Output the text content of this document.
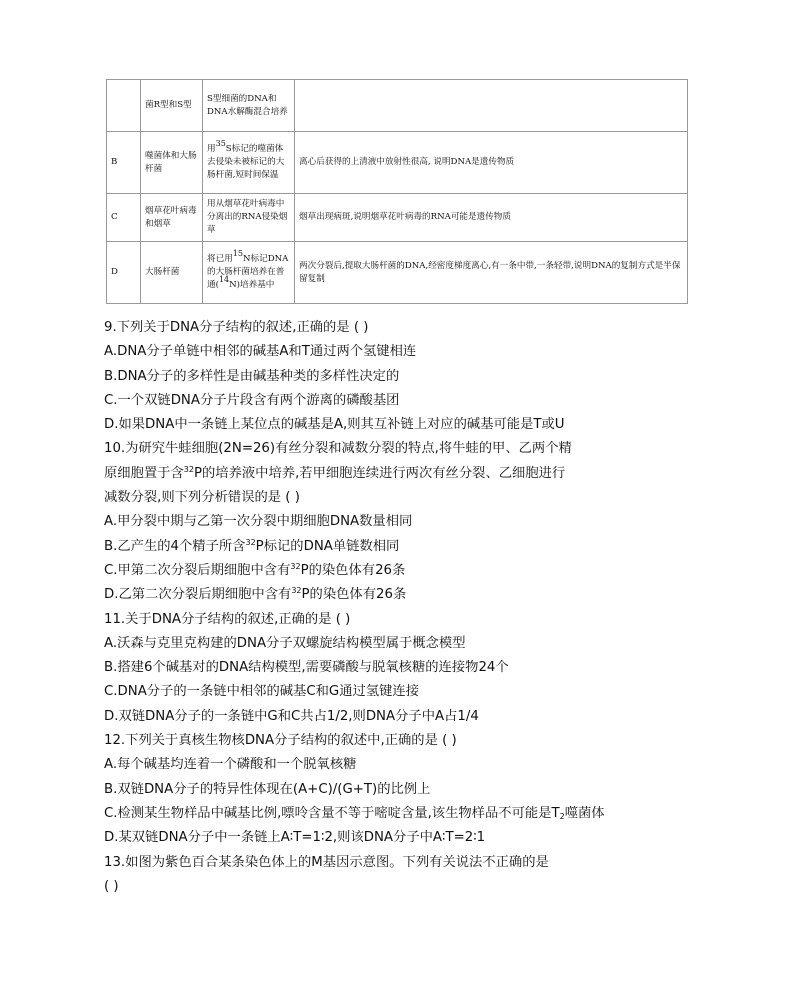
	菌R型和S型	S型细菌的DNA和DNA水解酶混合培养	
B	噬菌体和大肠杆菌	用$^{35}$S标记的噬菌体去侵染未被标记的大肠杆菌,短时间保温	离心后获得的上清液中放射性很高, 说明DNA是遗传物质
C	烟草花叶病毒和烟草	用从烟草花叶病毒中分离出的RNA侵染烟草	烟草出现病斑,说明烟草花叶病毒的RNA可能是遗传物质
D	大肠杆菌	将已用$^{15}$N标记DNA的大肠杆菌培养在普通($^{14}$N)培养基中	两次分裂后,提取大肠杆菌的DNA,经密度梯度离心,有一条中带,一条轻带,说明DNA的复制方式是半保留复制
9.下列关于DNA分子结构的叙述,正确的是 ( )
A.DNA分子单链中相邻的碱基A和T通过两个氢键相连
B.DNA分子的多样性是由碱基种类的多样性决定的
C.一个双链DNA分子片段含有两个游离的磷酸基团
D.如果DNA中一条链上某位点的碱基是A,则其互补链上对应的碱基可能是T或U
10.为研究牛蛙细胞(2N=26)有丝分裂和减数分裂的特点,将牛蛙的甲、乙两个精
原细胞置于含$^{32}$P的培养液中培养,若甲细胞连续进行两次有丝分裂、乙细胞进行
减数分裂,则下列分析错误的是 ( )
A.甲分裂中期与乙第一次分裂中期细胞DNA数量相同
B.乙产生的4个精子所含$^{32}$P标记的DNA单链数相同
C.甲第二次分裂后期细胞中含有$^{32}$P的染色体有26条
D.乙第二次分裂后期细胞中含有$^{32}$P的染色体有26条
11.关于DNA分子结构的叙述,正确的是 ( )
A.沃森与克里克构建的DNA分子双螺旋结构模型属于概念模型
B.搭建6个碱基对的DNA结构模型,需要磷酸与脱氧核糖的连接物24个
C.DNA分子的一条链中相邻的碱基C和G通过氢键连接
D.双链DNA分子的一条链中G和C共占1/2,则DNA分子中A占1/4
12.下列关于真核生物核DNA分子结构的叙述中,正确的是 ( )
A.每个碱基均连着一个磷酸和一个脱氧核糖
B.双链DNA分子的特异性体现在(A+C)/(G+T)的比例上
C.检测某生物样品中碱基比例,嘌呤含量不等于嘧啶含量,该生物样品不可能是$T_2$噬菌体
D.某双链DNA分子中一条链上A∶T=1∶2,则该DNA分子中A∶T=2∶1
13.如图为紫色百合某条染色体上的M基因示意图。下列有关说法不正确的是
( )
